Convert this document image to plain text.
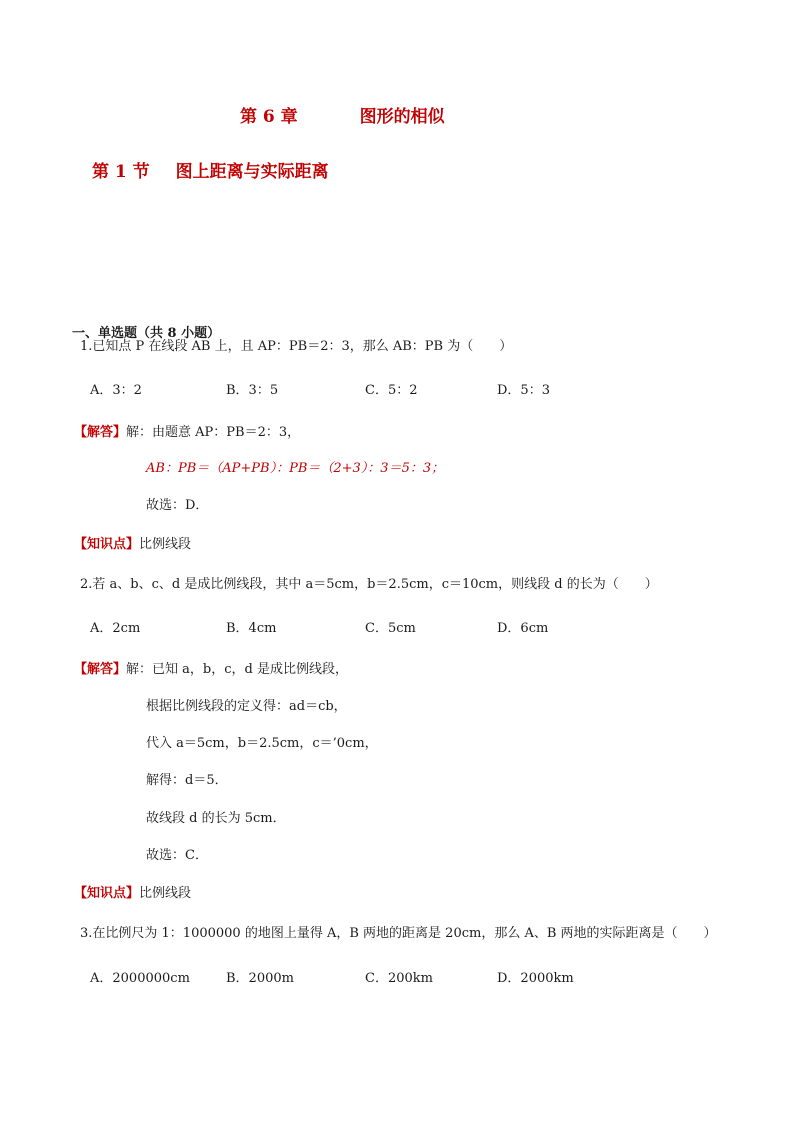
第 6 章	图形的相似
第 1 节 图上距离与实际距离
一、单选题（共 8 小题）
1.已知点 P 在线段 AB 上，且 AP：PB＝2：3，那么 AB：PB 为（　　）
A．3：2	B．3：5	C．5：2	D．5：3
【解答】解：由题意 AP：PB＝2：3，
AB：PB＝（AP+PB）：PB＝（2+3）：3＝5：3；
故选：D．
【知识点】比例线段
2.若 a、b、c、d 是成比例线段，其中 a＝5cm，b＝2.5cm，c＝10cm，则线段 d 的长为（　　）
A．2cm	B．4cm	C．5cm	D．6cm
【解答】解：已知 a，b，c，d 是成比例线段，
根据比例线段的定义得：ad＝cb，
代入 a＝5cm，b＝2.5cm，c＝’0cm，
解得：d＝5．
故线段 d 的长为 5cm．
故选：C．
【知识点】比例线段
3.在比例尺为 1：1000000 的地图上量得 A，B 两地的距离是 20cm，那么 A、B 两地的实际距离是（　　）
A．2000000cm	B．2000m	C．200km	D．2000km
